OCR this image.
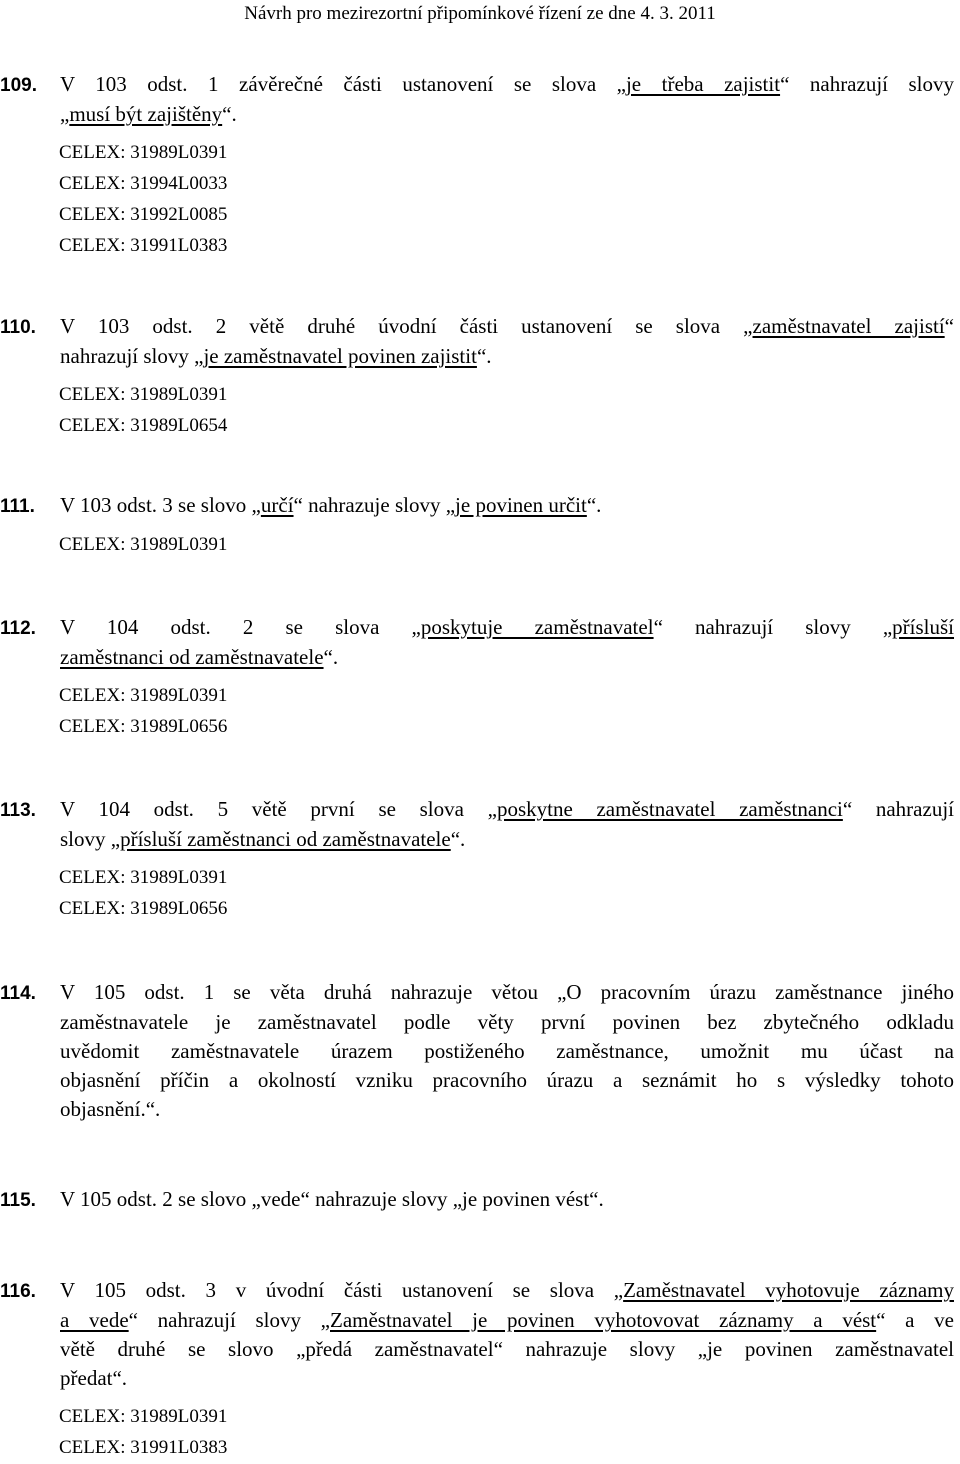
Návrh pro mezirezortní připomínkové řízení ze dne 4. 3. 2011
109. V 103 odst. 1 závěrečné části ustanovení se slova „je třeba zajistit“ nahrazují slovy
„musí být zajištěny“.
CELEX: 31989L0391
CELEX: 31994L0033
CELEX: 31992L0085
CELEX: 31991L0383
110. V 103 odst. 2 větě druhé úvodní části ustanovení se slova „zaměstnavatel zajistí“
nahrazují slovy „je zaměstnavatel povinen zajistit“.
CELEX: 31989L0391
CELEX: 31989L0654
111. V 103 odst. 3 se slovo „určí“ nahrazuje slovy „je povinen určit“.
CELEX: 31989L0391
112. V 104 odst. 2 se slova „poskytuje zaměstnavatel“ nahrazují slovy „přísluší
zaměstnanci od zaměstnavatele“.
CELEX: 31989L0391
CELEX: 31989L0656
113. V 104 odst. 5 větě první se slova „poskytne zaměstnavatel zaměstnanci“ nahrazují
slovy „přísluší zaměstnanci od zaměstnavatele“.
CELEX: 31989L0391
CELEX: 31989L0656
114. V 105 odst. 1 se věta druhá nahrazuje větou „O pracovním úrazu zaměstnance jiného
zaměstnavatele je zaměstnavatel podle věty první povinen bez zbytečného odkladu
uvědomit zaměstnavatele úrazem postiženého zaměstnance, umožnit mu účast na
objasnění příčin a okolností vzniku pracovního úrazu a seznámit ho s výsledky tohoto
objasnění.“.
115. V 105 odst. 2 se slovo „vede“ nahrazuje slovy „je povinen vést“.
116. V 105 odst. 3 v úvodní části ustanovení se slova „Zaměstnavatel vyhotovuje záznamy
a vede“ nahrazují slovy „Zaměstnavatel je povinen vyhotovovat záznamy a vést“ a ve
větě druhé se slovo „předá zaměstnavatel“ nahrazuje slovy „je povinen zaměstnavatel
předat“.
CELEX: 31989L0391
CELEX: 31991L0383
